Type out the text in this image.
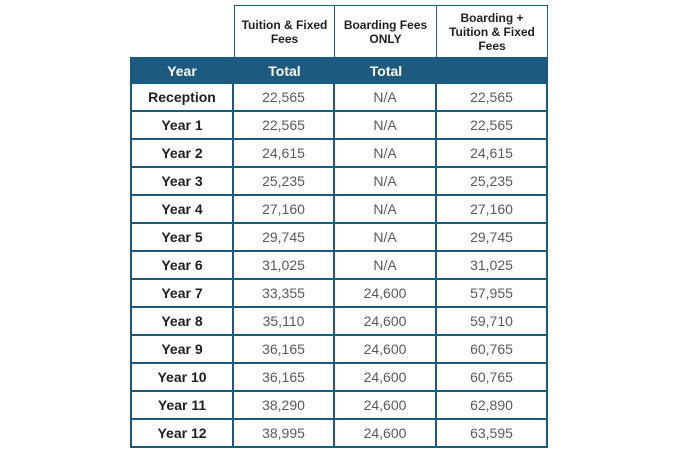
	Tuition & Fixed Fees	Boarding Fees ONLY	Boarding + Tuition & Fixed Fees
Year	Total	Total	
Reception	22,565	N/A	22,565
Year 1	22,565	N/A	22,565
Year 2	24,615	N/A	24,615
Year 3	25,235	N/A	25,235
Year 4	27,160	N/A	27,160
Year 5	29,745	N/A	29,745
Year 6	31,025	N/A	31,025
Year 7	33,355	24,600	57,955
Year 8	35,110	24,600	59,710
Year 9	36,165	24,600	60,765
Year 10	36,165	24,600	60,765
Year 11	38,290	24,600	62,890
Year 12	38,995	24,600	63,595
